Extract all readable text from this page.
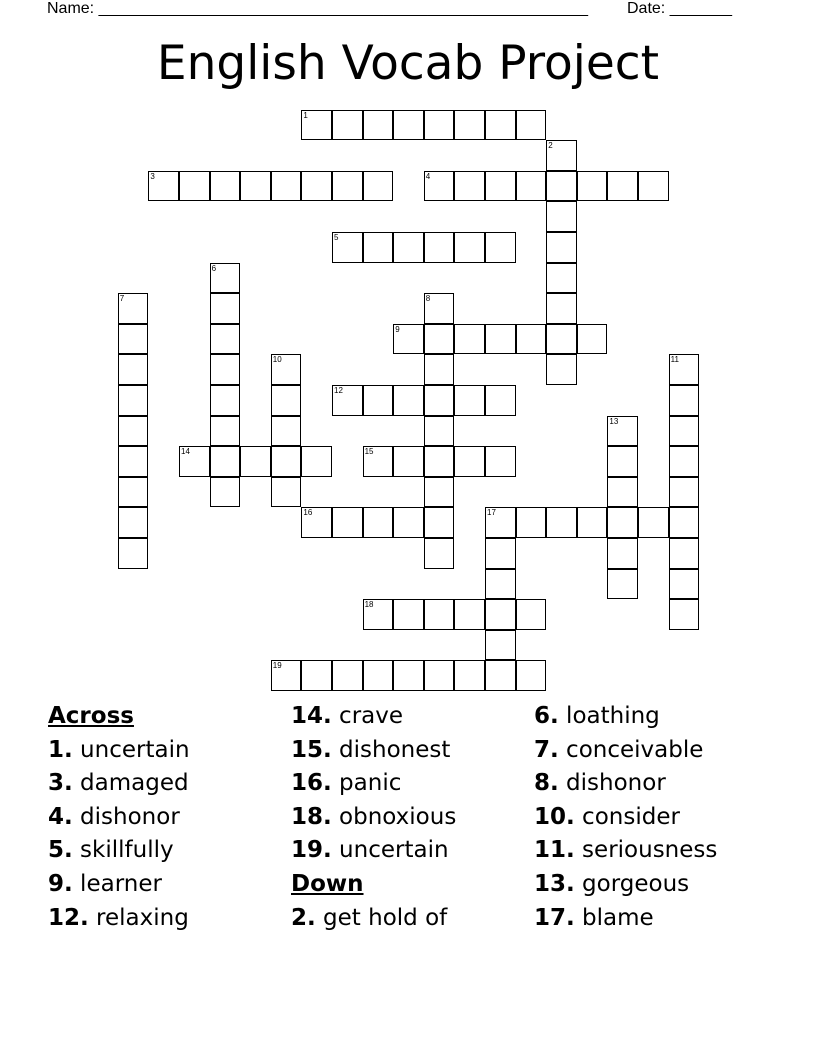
Name: _______________________________________________________ Date: _______
English Vocab Project
1
2
3	4
5
6
7	8
9
10	11
12
13
14	15
16	17
18
19
Across
1. uncertain
3. damaged
4. dishonor
5. skillfully
9. learner
12. relaxing
14. crave
15. dishonest
16. panic
18. obnoxious
19. uncertain
Down
2. get hold of
6. loathing
7. conceivable
8. dishonor
10. consider
11. seriousness
13. gorgeous
17. blame
